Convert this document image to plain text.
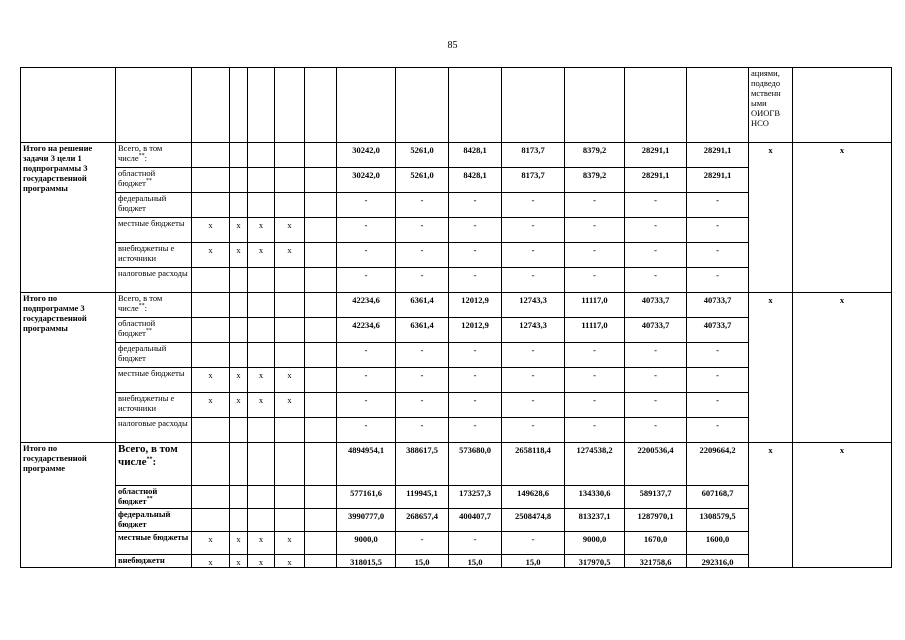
85
														ациями, подведо мственн ыми ОИОГВ НСО	
Итого на решение задачи 3 цели 1 подпрограммы 3 государственной программы	Всего, в том числе**:						30242,0	5261,0	8428,1	8173,7	8379,2	28291,1	28291,1	x	x
	областной бюджет**						30242,0	5261,0	8428,1	8173,7	8379,2	28291,1	28291,1		
	федеральный бюджет						-	-	-	-	-	-	-		
	местные бюджеты	x	x	x	x		-	-	-	-	-	-	-		
	внебюджетны е источники	x	x	x	x		-	-	-	-	-	-	-		
	налоговые расходы						-	-	-	-	-	-	-		
Итого по подпрограмме 3 государственной программы	Всего, в том числе**:						42234,6	6361,4	12012,9	12743,3	11117,0	40733,7	40733,7	x	x
	областной бюджет**						42234,6	6361,4	12012,9	12743,3	11117,0	40733,7	40733,7		
	федеральный бюджет						-	-	-	-	-	-	-		
	местные бюджеты	x	x	x	x		-	-	-	-	-	-	-		
	внебюджетны е источники	x	x	x	x		-	-	-	-	-	-	-		
	налоговые расходы						-	-	-	-	-	-	-		
Итого по государственной программе	Всего, в том числе**:						4894954,1	388617,5	573680,0	2658118,4	1274538,2	2200536,4	2209664,2	x	x
	областной бюджет**						577161,6	119945,1	173257,3	149628,6	134330,6	589137,7	607168,7		
	федеральный бюджет						3990777,0	268657,4	400407,7	2508474,8	813237,1	1287970,1	1308579,5		
	местные бюджеты	x	x	x	x		9000,0	-	-	-	9000,0	1670,0	1600,0		
	внебюджетн	x	x	x	x		318015,5	15,0	15,0	15,0	317970,5	321758,6	292316,0		
